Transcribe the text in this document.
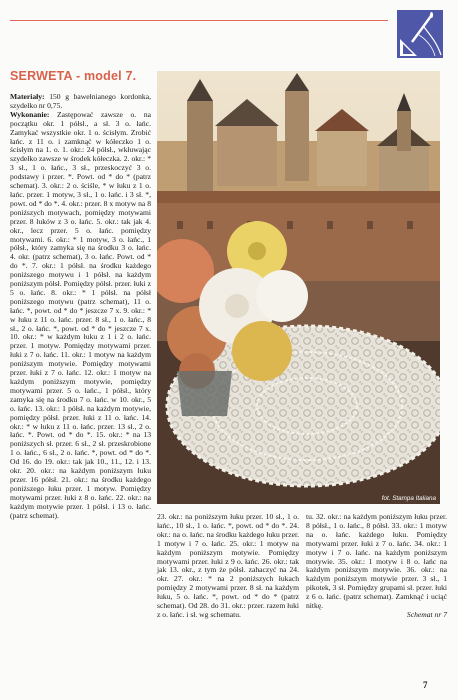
SERWETA - model 7.

Materiały: 150 g bawełnianego kordonka, szydełko nr 0,75.

Wykonanie: Zastępować zawsze o. na początku okr. 1 półsł., a sł. 3 o. łańc. Zamykać wszystkie okr. 1 o. ścisłym. Zrobić łańc. z 11 o. i zamknąć w kółeczko 1 o. ścisłym na 1. o. 1. okr.: 24 półsł., wkłuwając szydełko zawsze w środek kółeczka. 2. okr.: * 3 sł., 1 o. łańc., 3 sł., przeskoczyć 3 o. podstawy i przer. *. Powt. od * do * (patrz schemat). 3. okr.: 2 o. ściśle, * w łuku z 1 o. łańc. przer. 1 motyw, 3 sł., 1 o. łańc. i 3 sł. *, powt. od * do *. 4. okr.: przer. 8 x motyw na 8 poniższych motywach, pomiędzy motywami przer. 8 łuków z 3 o. łańc. 5. okr.: tak jak 4. okr., lecz przer. 5 o. łańc. pomiędzy motywami. 6. okr.: * 1 motyw, 3 o. łańc., 1 półsł., który zamyka się na środku 3 o. łańc. 4. okr. (patrz schemat), 3 o. łańc. Powt. od * do *. 7. okr.: 1 półsł. na środku każdego poniższego motywu i 1 półsł. na każdym poniższym półsł. Pomiędzy półsł. przer. łuki z 5 o. łańc. 8. okr.: * 1 półsł. na półsł poniższego motywu (patrz schemat), 11 o. łańc. *, powt. od * do * jeszcze 7 x. 9. okr.: * w łuku z 11 o. łańc. przer. 8 sł., 1 o. łańc., 8 sł., 2 o. łańc. *, powt. od * do * jeszcze 7 x. 10. okr.: * w każdym łuku z 1 i 2 o. łańc. przer. 1 motyw. Pomiędzy motywami przer. łuki z 7 o. łańc. 11. okr.: 1 motyw na każdym poniższym motywie. Pomiędzy motywami przer. łuki z 7 o. łańc. 12. okr.: 1 motyw na każdym poniższym motywie, pomiędzy motywami przer. 5 o. łańc., 1 półsł., który zamyka się na środku 7 o. łańc. w 10. okr., 5 o. łańc. 13. okr.: 1 półsł. na każdym motywie, pomiędzy półsł. przer. łuki z 11 o. łańc. 14. okr.: * w łuku z 11 o. łańc. przer. 13 sł., 2 o. łańc. *. Powt. od * do *. 15. okr.: * na 13 poniższych sł. przer. 6 sł., 2 sł. przeskrobione 1 o. łańc., 6 sł., 2 o. łańc. *, powt. od * do *. Od 16. do 19. okr.: tak jak 10., 11., 12. i 13. okr. 20. okr.: na każdym poniższym łuku przer. 16 półsł. 21. okr.: na środku każdego poniższego łuku przer. 1 motyw. Pomiędzy motywami przer. łuki z 8 o. łańc. 22. okr.: na każdym motywie przer. 1 półsł. i 13 o. łańc. (patrz schemat).

fot. Stampa Italiana

23. okr.: na poniższym łuku przer. 10 sł., 1 o. łańc., 10 sł., 1 o. łańc. *, powt. od * do *. 24. okr.: na o. łańc. na środku każdego łuku przer. 1 motyw i 7 o. łańc. 25. okr.: 1 motyw na każdym poniższym motywie. Pomiędzy motywami przer. łuki z 9 o. łańc. 26. okr.: tak jak 13. okr., z tym że półsł. zahaczyć na 24. okr. 27. okr.: * na 2 poniższych łukach pomiędzy 2 motywami przer. 8 sł. na każdym łuku, 5 o. łańc. *, powt. od * do * (patrz schemat). Od 28. do 31. okr.: przer. razem łuki z o. łańc. i sł. wg schematu.

tu. 32. okr.: na każdym poniższym łuku przer. 8 półsł., 1 o. łańc., 8 półsł. 33. okr.: 1 motyw na o. łańc. każdego łuku. Pomiędzy motywami przer. łuki z 7 o. łańc. 34. okr.: 1 motyw i 7 o. łańc. na każdym poniższym motywie. 35. okr.: 1 motyw i 8 o. łańc na każdym poniższym motywie. 36. okr.: na każdym poniższym motywie przer. 3 sł., 1 pikotek, 3 sł. Pomiędzy grupami sł. przer. łuki z 6 o. łańc. (patrz schemat). Zamknąć i uciąć nitkę.

Schemat nr 7

7
